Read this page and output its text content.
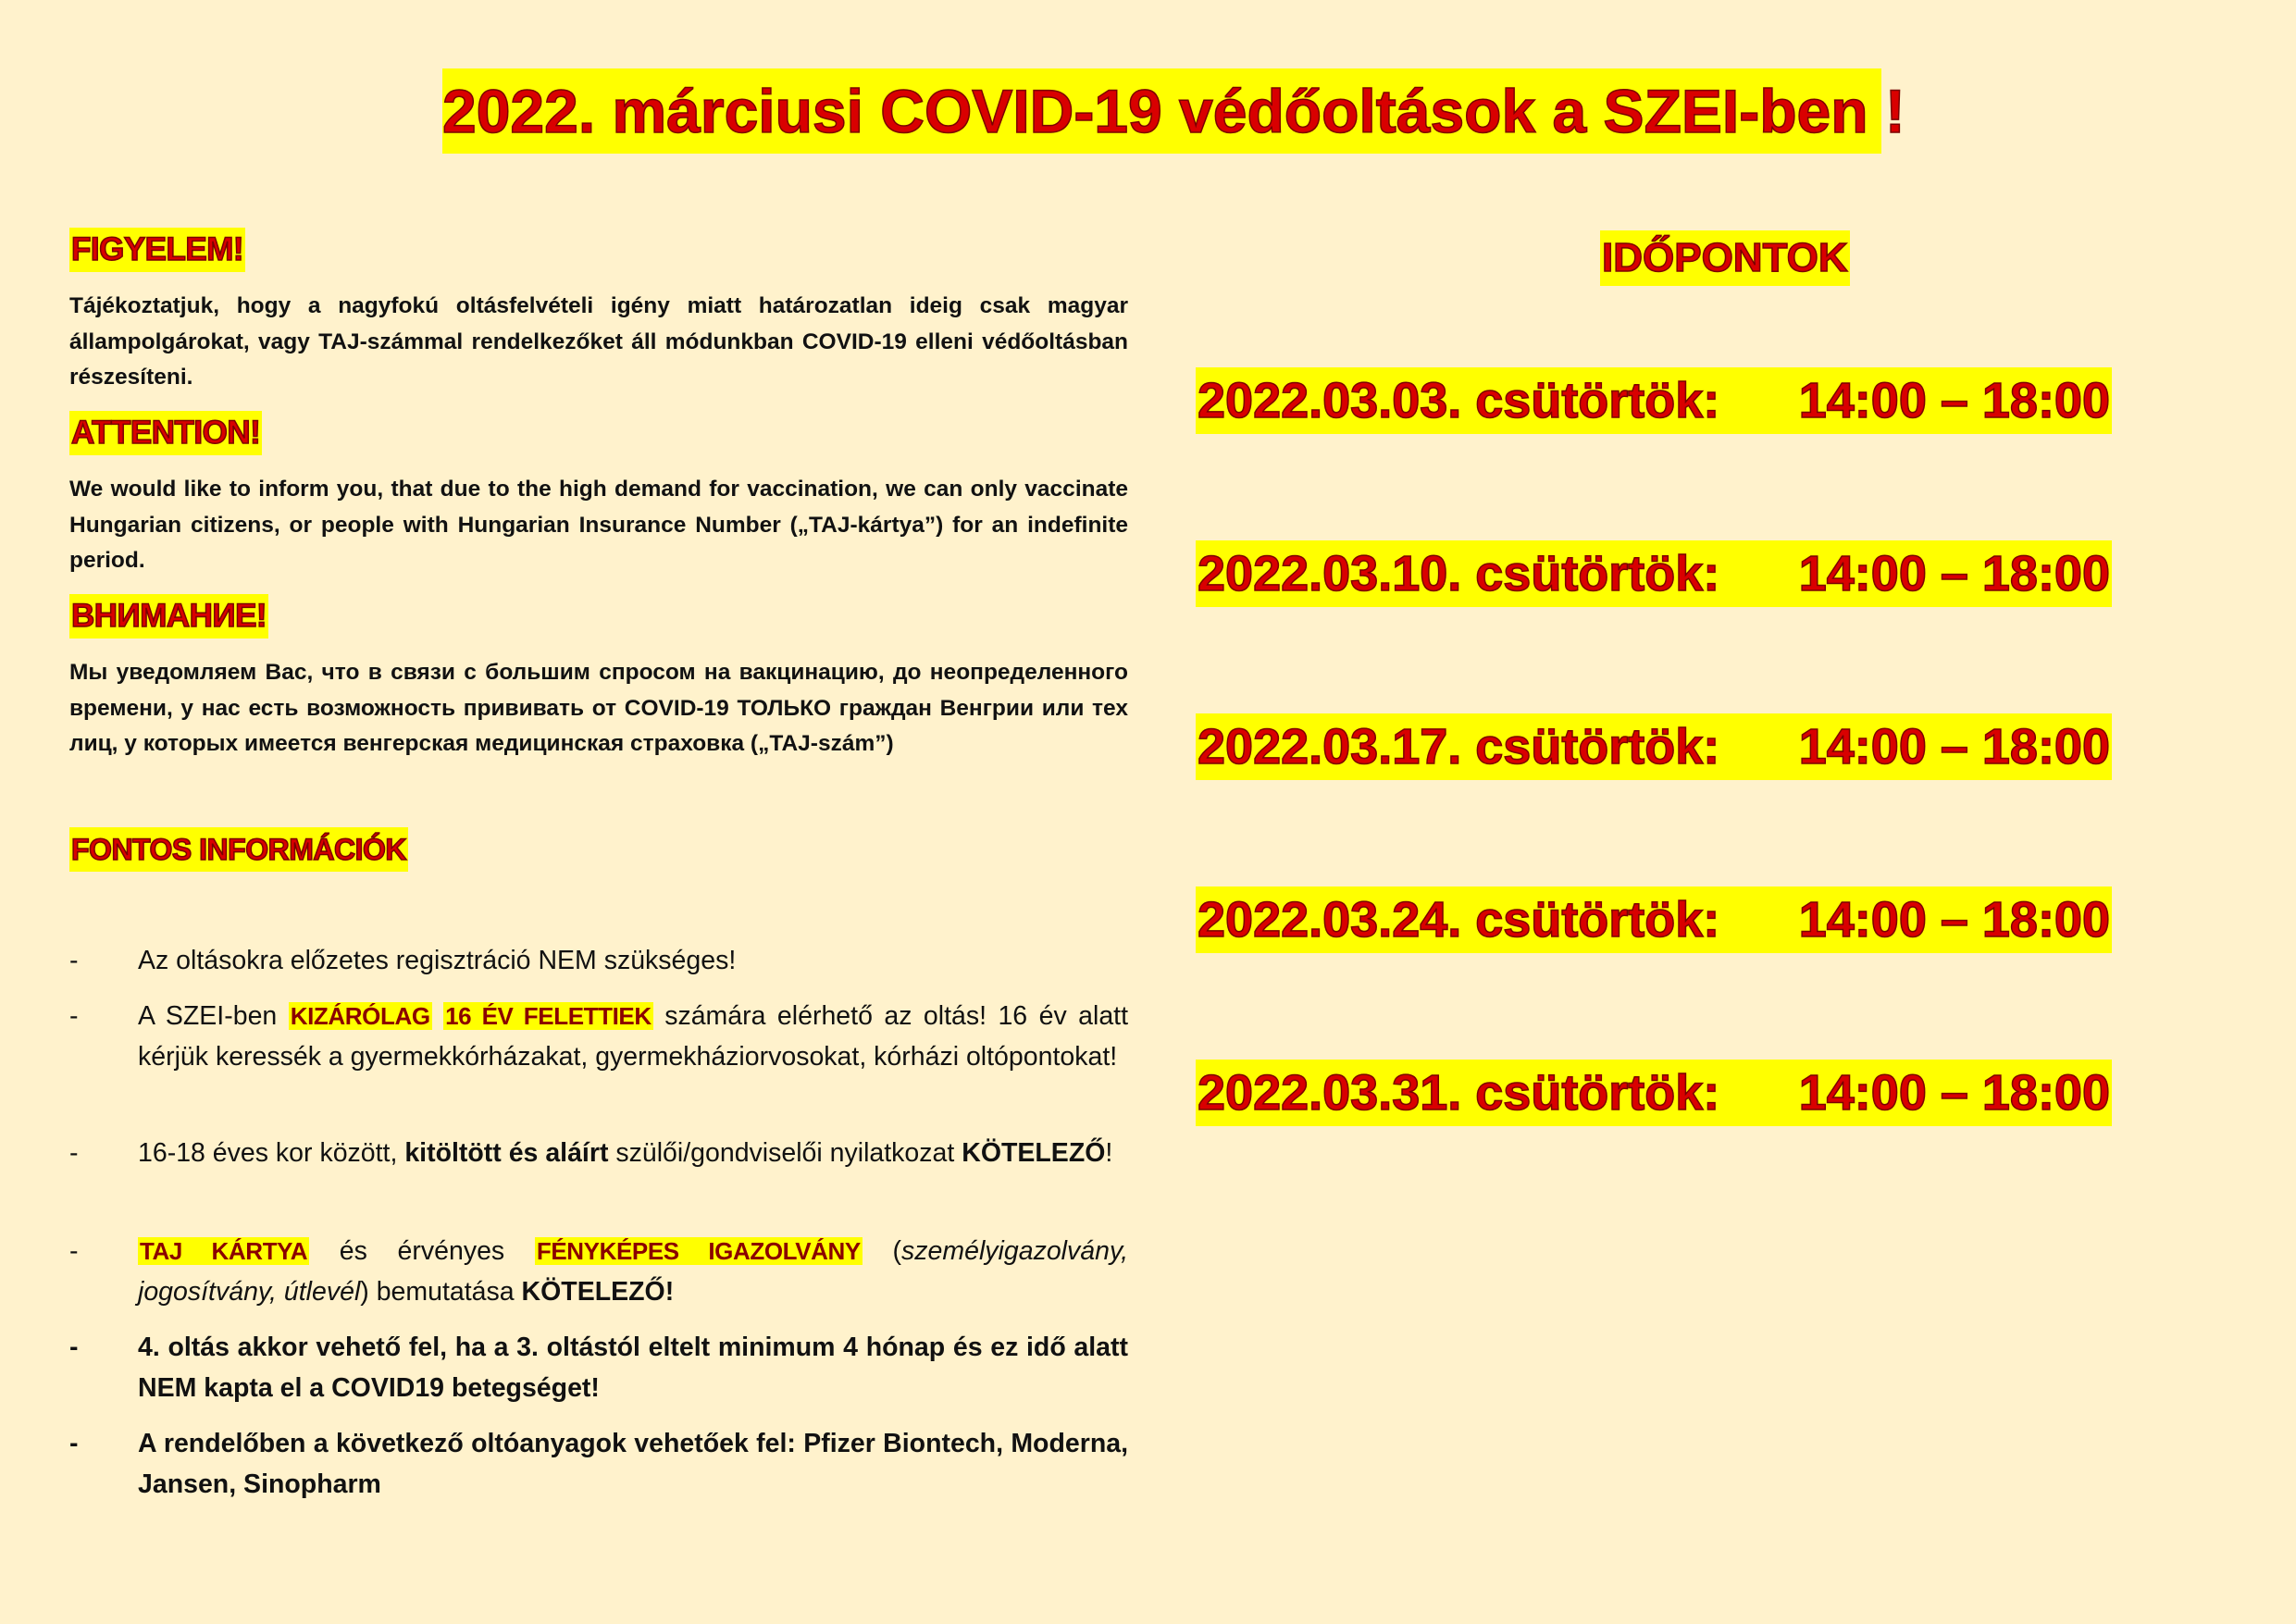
2022. márciusi COVID-19 védőoltások a SZEI-ben !
FIGYELEM!

Tájékoztatjuk, hogy a nagyfokú oltásfelvételi igény miatt határozatlan ideig csak magyar állampolgárokat, vagy TAJ-számmal rendelkezőket áll módunkban COVID-19 elleni védőoltásban részesíteni.

ATTENTION!

We would like to inform you, that due to the high demand for vaccination, we can only vaccinate Hungarian citizens, or people with Hungarian Insurance Number („TAJ-kártya”) for an indefinite period.

ВНИМАНИЕ!

Мы уведомляем Вас, что в связи с большим спросом на вакцинацию, до неопределенного времени, у нас есть возможность прививать от COVID-19 ТОЛЬКО граждан Венгрии или тех лиц, у которых имеется венгерская медицинская страховка („TAJ-szám”)

FONTOS INFORMÁCIÓK
- Az oltásokra előzetes regisztráció NEM szükséges!
- A SZEI-ben KIZÁRÓLAG 16 ÉV FELETTIEK számára elérhető az oltás! 16 év alatt kérjük keressék a gyermekkórházakat, gyermekháziorvosokat, kórházi oltópontokat!
- 16-18 éves kor között, kitöltött és aláírt szülői/gondviselői nyilatkozat KÖTELEZŐ!
-	TAJ KÁRTYA és érvényes FÉNYKÉPES IGAZOLVÁNY (személyigazolvány, jogosítvány, útlevél) bemutatása KÖTELEZŐ!
- 4. oltás akkor vehető fel, ha a 3. oltástól eltelt minimum 4 hónap és ez idő alatt NEM kapta el a COVID19 betegséget!
- A rendelőben a következő oltóanyagok vehetőek fel: Pfizer Biontech, Moderna, Jansen, Sinopharm
IDŐPONTOK
2022.03.03. csütörtök: 14:00 – 18:00
2022.03.10. csütörtök: 14:00 – 18:00
2022.03.17. csütörtök: 14:00 – 18:00
2022.03.24. csütörtök: 14:00 – 18:00
2022.03.31. csütörtök: 14:00 – 18:00
